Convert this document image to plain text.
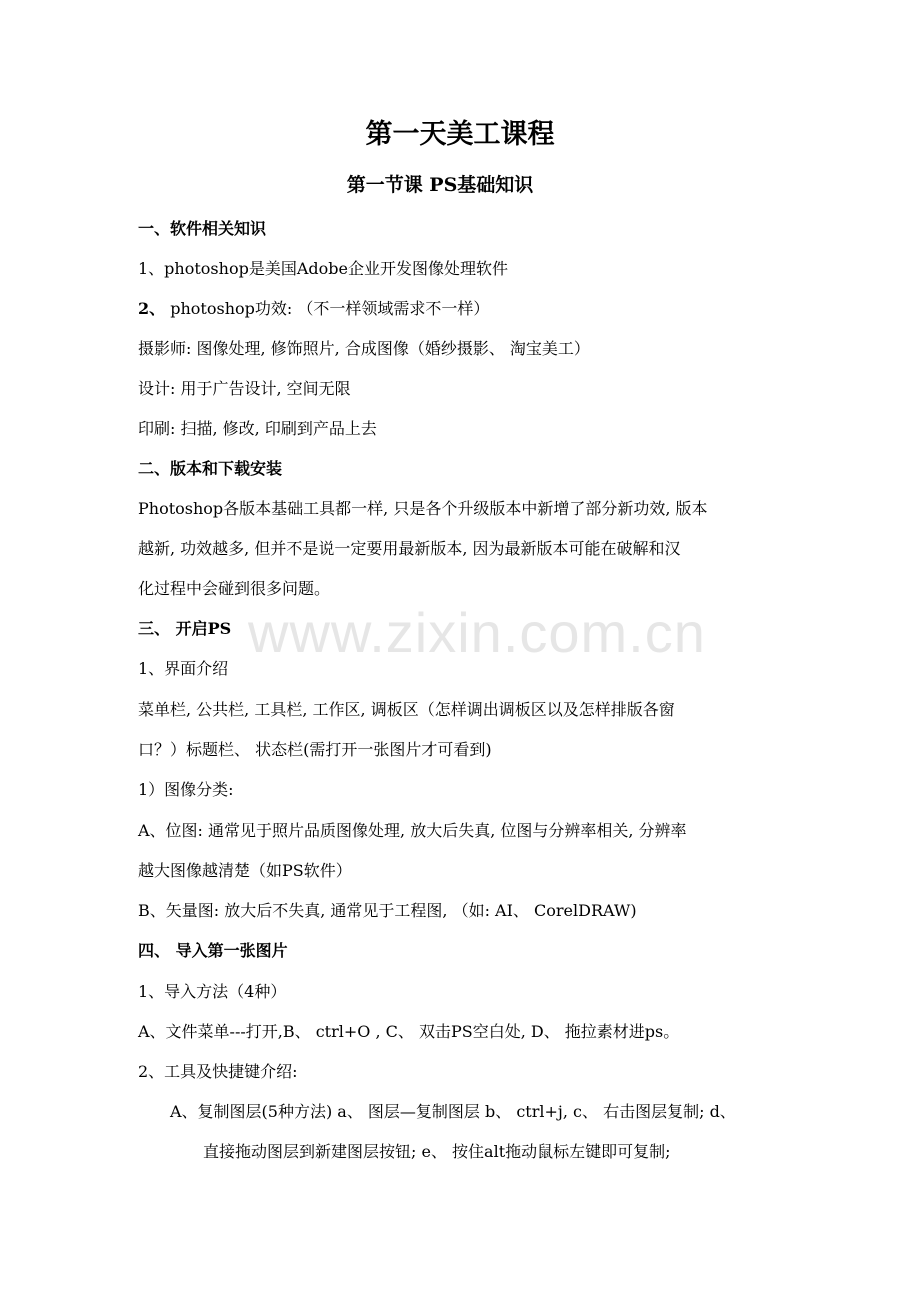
www.zixin.com.cn
第一天美工课程
第一节课 PS基础知识
一、软件相关知识
1、photoshop是美国Adobe企业开发图像处理软件
2、 photoshop功效: （不一样领域需求不一样）
摄影师: 图像处理, 修饰照片, 合成图像（婚纱摄影、 淘宝美工）
设计: 用于广告设计, 空间无限
印刷: 扫描, 修改, 印刷到产品上去
二、版本和下载安装
Photoshop各版本基础工具都一样, 只是各个升级版本中新增了部分新功效, 版本
越新, 功效越多, 但并不是说一定要用最新版本, 因为最新版本可能在破解和汉
化过程中会碰到很多问题。
三、 开启PS
1、界面介绍
菜单栏, 公共栏, 工具栏, 工作区, 调板区（怎样调出调板区以及怎样排版各窗
口？）标题栏、 状态栏(需打开一张图片才可看到)
1）图像分类:
A、位图: 通常见于照片品质图像处理, 放大后失真, 位图与分辨率相关, 分辨率
越大图像越清楚（如PS软件）
B、矢量图: 放大后不失真, 通常见于工程图, （如: AI、 CorelDRAW)
四、 导入第一张图片
1、导入方法（4种）
A、文件菜单---打开,B、 ctrl+O , C、 双击PS空白处, D、 拖拉素材进ps。
2、工具及快捷键介绍:
A、复制图层(5种方法) a、 图层—复制图层 b、 ctrl+j, c、 右击图层复制; d、
直接拖动图层到新建图层按钮; e、 按住alt拖动鼠标左键即可复制;
